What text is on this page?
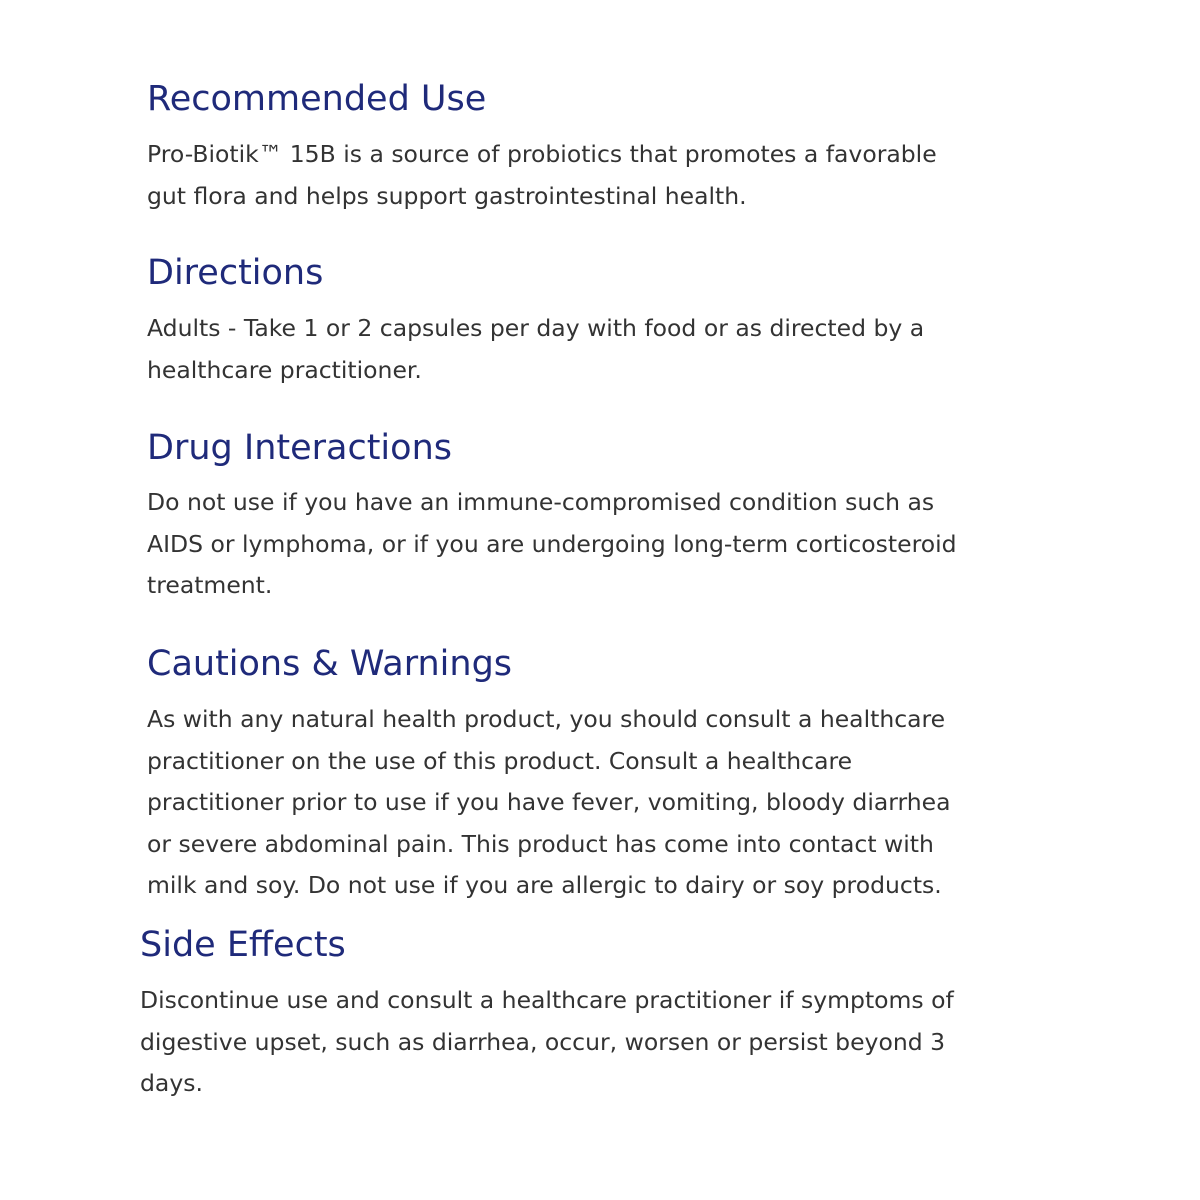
Recommended Use

Pro-Biotik™ 15B is a source of probiotics that promotes a favorable
gut flora and helps support gastrointestinal health.

Directions

Adults - Take 1 or 2 capsules per day with food or as directed by a
healthcare practitioner.

Drug Interactions

Do not use if you have an immune-compromised condition such as
AIDS or lymphoma, or if you are undergoing long-term corticosteroid
treatment.

Cautions & Warnings

As with any natural health product, you should consult a healthcare
practitioner on the use of this product. Consult a healthcare
practitioner prior to use if you have fever, vomiting, bloody diarrhea
or severe abdominal pain. This product has come into contact with
milk and soy. Do not use if you are allergic to dairy or soy products.

Side Effects

Discontinue use and consult a healthcare practitioner if symptoms of
digestive upset, such as diarrhea, occur, worsen or persist beyond 3
days.
